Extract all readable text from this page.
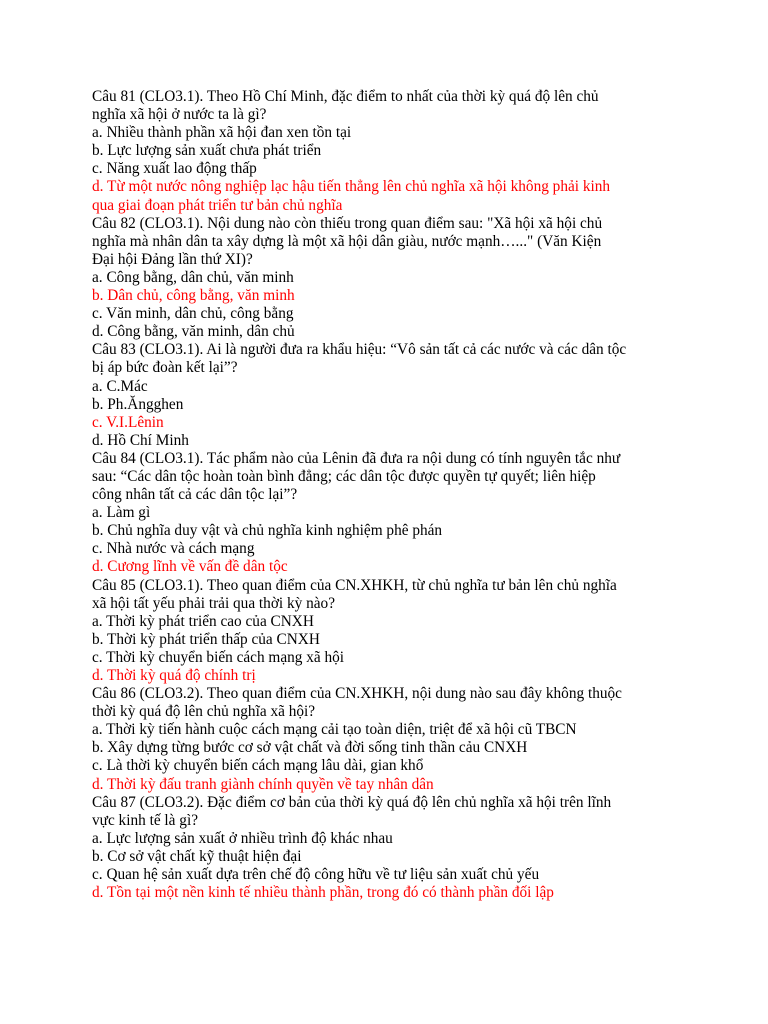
Câu 81 (CLO3.1). Theo Hồ Chí Minh, đặc điểm to nhất của thời kỳ quá độ lên chủ
nghĩa xã hội ở nước ta là gì?

a. Nhiều thành phần xã hội đan xen tồn tại

b. Lực lượng sản xuất chưa phát triển

c. Năng xuất lao động thấp

d. Từ một nước nông nghiệp lạc hậu tiến thẳng lên chủ nghĩa xã hội không phải kinh
qua giai đoạn phát triển tư bản chủ nghĩa

Câu 82 (CLO3.1). Nội dung nào còn thiếu trong quan điểm sau: "Xã hội xã hội chủ
nghĩa mà nhân dân ta xây dựng là một xã hội dân giàu, nước mạnh…..." (Văn Kiện
Đại hội Đảng lần thứ XI)?

a. Công bằng, dân chủ, văn minh

b. Dân chủ, công bằng, văn minh

c. Văn minh, dân chủ, công bằng

d. Công bằng, văn minh, dân chủ

Câu 83 (CLO3.1). Ai là người đưa ra khẩu hiệu: “Vô sản tất cả các nước và các dân tộc
bị áp bức đoàn kết lại”?

a. C.Mác

b. Ph.Ăngghen

c. V.I.Lênin

d. Hồ Chí Minh

Câu 84 (CLO3.1). Tác phẩm nào của Lênin đã đưa ra nội dung có tính nguyên tắc như
sau: “Các dân tộc hoàn toàn bình đẳng; các dân tộc được quyền tự quyết; liên hiệp
công nhân tất cả các dân tộc lại”?

a. Làm gì

b. Chủ nghĩa duy vật và chủ nghĩa kinh nghiệm phê phán

c. Nhà nước và cách mạng

d. Cương lĩnh về vấn đề dân tộc

Câu 85 (CLO3.1). Theo quan điểm của CN.XHKH, từ chủ nghĩa tư bản lên chủ nghĩa
xã hội tất yếu phải trải qua thời kỳ nào?

a. Thời kỳ phát triển cao của CNXH

b. Thời kỳ phát triển thấp của CNXH

c. Thời kỳ chuyển biến cách mạng xã hội

d. Thời kỳ quá độ chính trị

Câu 86 (CLO3.2). Theo quan điểm của CN.XHKH, nội dung nào sau đây không thuộc
thời kỳ quá độ lên chủ nghĩa xã hội?

a. Thời kỳ tiến hành cuộc cách mạng cải tạo toàn diện, triệt để xã hội cũ TBCN

b. Xây dựng từng bước cơ sở vật chất và đời sống tinh thần cảu CNXH

c. Là thời kỳ chuyển biến cách mạng lâu dài, gian khổ

d. Thời kỳ đấu tranh giành chính quyền về tay nhân dân

Câu 87 (CLO3.2). Đặc điểm cơ bản của thời kỳ quá độ lên chủ nghĩa xã hội trên lĩnh
vực kinh tế là gì?

a. Lực lượng sản xuất ở nhiều trình độ khác nhau

b. Cơ sở vật chất kỹ thuật hiện đại

c. Quan hệ sản xuất dựa trên chế độ công hữu về tư liệu sản xuất chủ yếu

d. Tồn tại một nền kinh tế nhiều thành phần, trong đó có thành phần đối lập
